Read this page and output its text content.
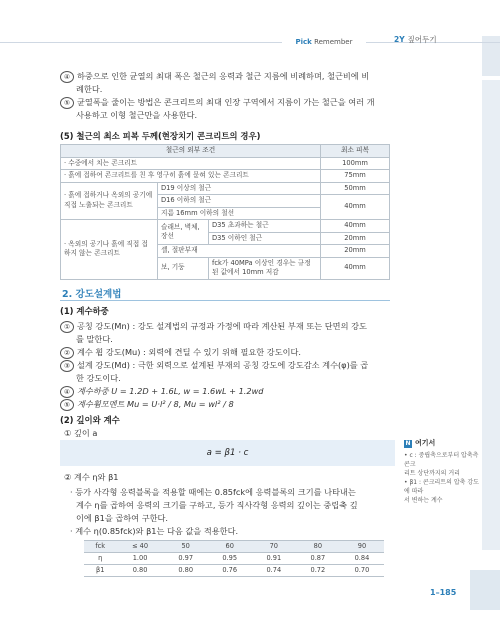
Pick Remember	2Y 짚어두기

④ 하중으로 인한 균열의 최대 폭은 철근의 응력과 철근 지름에 비례하며, 철근비에 비

례한다.

⑤ 균열폭을 줄이는 방법은 콘크리트의 최대 인장 구역에서 지름이 가는 철근을 여러 개

사용하고 이형 철근만을 사용한다.

(5) 철근의 최소 피복 두께(현장치기 콘크리트의 경우)
철근의 외부 조건			최소 피복
· 수중에서 치는 콘크리트			100mm
· 흙에 접하여 콘크리트를 친 후 영구히 흙에 묻혀 있는 콘크리트			75mm
· 흙에 접하거나 옥외의 공기에 직접 노출되는 콘크리트	D19 이상의 철근		50mm
	D16 이하의 철근		40mm
	지름 16mm 이하의 철선		
· 옥외의 공기나 흙에 직접 접하지 않는 콘크리트	슬래브, 벽체, 장선	D35 초과하는 철근	40mm
		D35 이하인 철근	20mm
	셸, 절판부재		20mm
	보, 기둥	fck가 40MPa 이상인 경우는 규정된 값에서 10mm 저감	40mm
2. 강도설계법
(1) 계수하중

① 공칭 강도(Mn) : 강도 설계법의 규정과 가정에 따라 계산된 부재 또는 단면의 강도

를 말한다.

② 계수 휨 강도(Mu) : 외력에 견딜 수 있기 위해 필요한 강도이다.

③ 설계 강도(Md) : 극한 외력으로 설계된 부재의 공칭 강도에 강도감소 계수(φ)를 곱

한 강도이다.

④ 계수하중 U = 1.2D + 1.6L, w = 1.6wL + 1.2wd

⑤ 계수휨모멘트 Mu = U·l² / 8, Mu = wl² / 8

(2) 깊이와 계수
① 깊이 a
a = β1 · c
② 계수 η와 β1

· 등가 사각형 응력블록을 적용할 때에는 0.85fck에 응력블록의 크기를 나타내는

계수 η를 곱하여 응력의 크기를 구하고, 등가 직사각형 응력의 깊이는 중립축 깊

이에 β1을 곱하여 구한다.

· 계수 η(0.85fck)와 β1는 다음 값을 적용한다.

fck	≤ 40	50	60	70	80	90
η	1.00	0.97	0.95	0.91	0.87	0.84
β1	0.80	0.80	0.76	0.74	0.72	0.70
N 여기서
• c : 중립축으로부터 압축측 콘크
리트 상단까지의 거리
• β1 : 콘크리트의 압축 강도에 따라
서 변하는 계수
1–185
